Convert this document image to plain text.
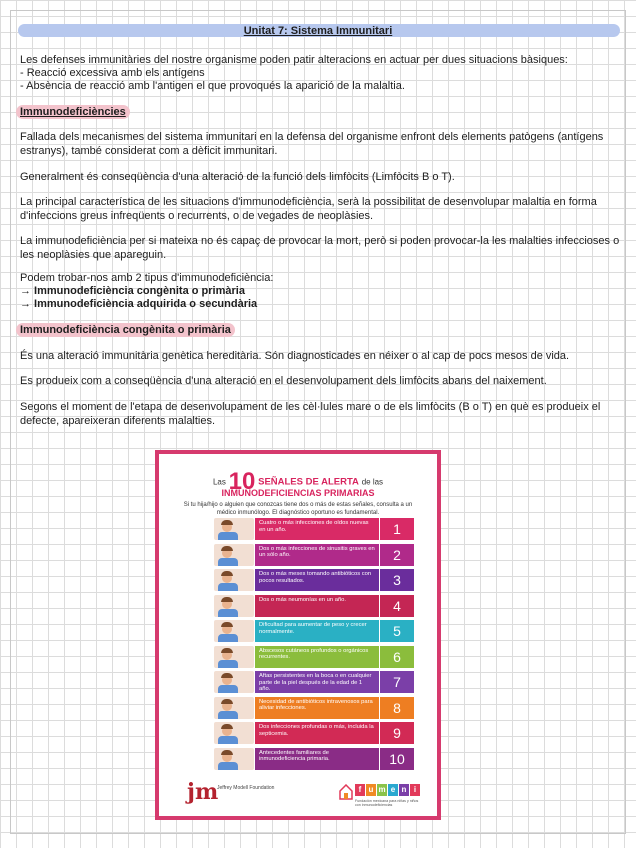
Unitat 7: Sistema Immunitari

Les defenses immunitàries del nostre organisme poden patir alteracions en actuar per dues situacions bàsiques:

- Reacció excessiva amb els antígens

- Absència de reacció amb l'antigen el que provoqués la aparició de la malaltia.

Immunodeficiències

Fallada dels mecanismes del sistema immunitari en la defensa del organisme enfront dels elements patògens (antígens estranys), també considerat com a dèficit immunitari.

Generalment és conseqüència d'una alteració de la funció dels limfòcits (Limfòcits B o T).

La principal característica de les situacions d'immunodeficiència, serà la possibilitat de desenvolupar malaltia en forma d'infeccions greus infreqüents o recurrents, o de vegades de neoplàsies.

La immunodeficiència per si mateixa no és capaç de provocar la mort, però si poden provocar-la les malalties infeccioses o les neoplàsies que apareguin.

Podem trobar-nos amb 2 tipus d'immunodeficiència:

→ Immunodeficiència congènita o primària

→ Immunodeficiència adquirida o secundària

Immunodeficiència congènita o primària

És una alteració immunitària genètica hereditària. Són diagnosticades en néixer o al cap de pocs mesos de vida.

Es produeix com a conseqüència d'una alteració en el desenvolupament dels limfòcits abans del naixement.

Segons el moment de l'etapa de desenvolupament de les cèl·lules mare o de els limfòcits (B o T) en què es produeix el defecte, apareixeran diferents malalties.

Las 10 SEÑALES DE ALERTA de las
INMUNODEFICIENCIAS PRIMARIAS
Si tu hija/hijo o alguien que conozcas tiene dos o más de estas señales, consulta a un médico inmunólogo. El diagnóstico oportuno es fundamental.
Cuatro o más infecciones de oídos nuevas en un año.	1
Dos o más infecciones de sinusitis graves en un sólo año.	2
Dos o más meses tomando antibióticos con pocos resultados.	3
Dos o más neumonías en un año.	4
Dificultad para aumentar de peso y crecer normalmente.	5
Abscesos cutáneos profundos o orgánicos recurrentes.	6
Aftas persistentes en la boca o en cualquier parte de la piel después de la edad de 1 año.	7
Necesidad de antibióticos intravenosos para aliviar infecciones.	8
Dos infecciones profundas o más, incluida la septicemia.	9
Antecedentes familiares de inmunodeficiencia primaria.	10
jm
Jeffrey Modell Foundation	f u m e n i
Fundación mexicana para niñas y niños con inmunodeficiencias
